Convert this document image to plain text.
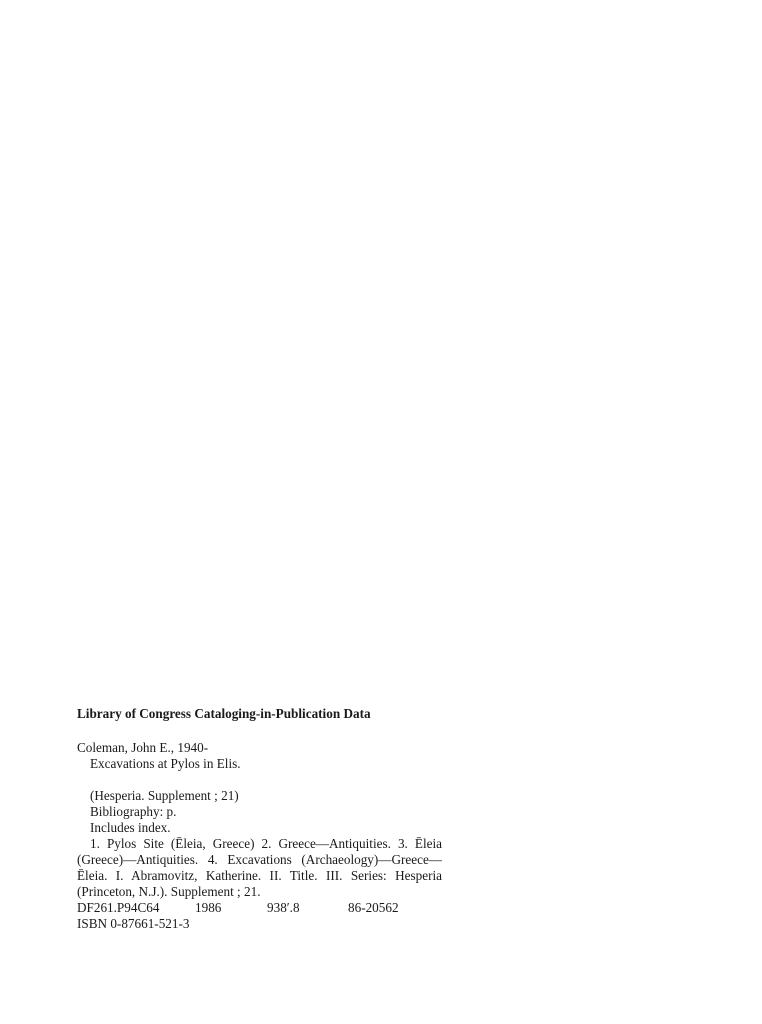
Library of Congress Cataloging-in-Publication Data

Coleman, John E., 1940-
Excavations at Pylos in Elis.
(Hesperia. Supplement ; 21)
Bibliography: p.
Includes index.
1. Pylos Site (Ēleia, Greece) 2. Greece—Antiquities. 3. Ēleia
(Greece)—Antiquities. 4. Excavations (Archaeology)—Greece—
Ēleia. I. Abramovitz, Katherine. II. Title. III. Series: Hesperia
(Princeton, N.J.). Supplement ; 21.
DF261.P94C64	1986	938′.8	86-20562
ISBN 0-87661-521-3
